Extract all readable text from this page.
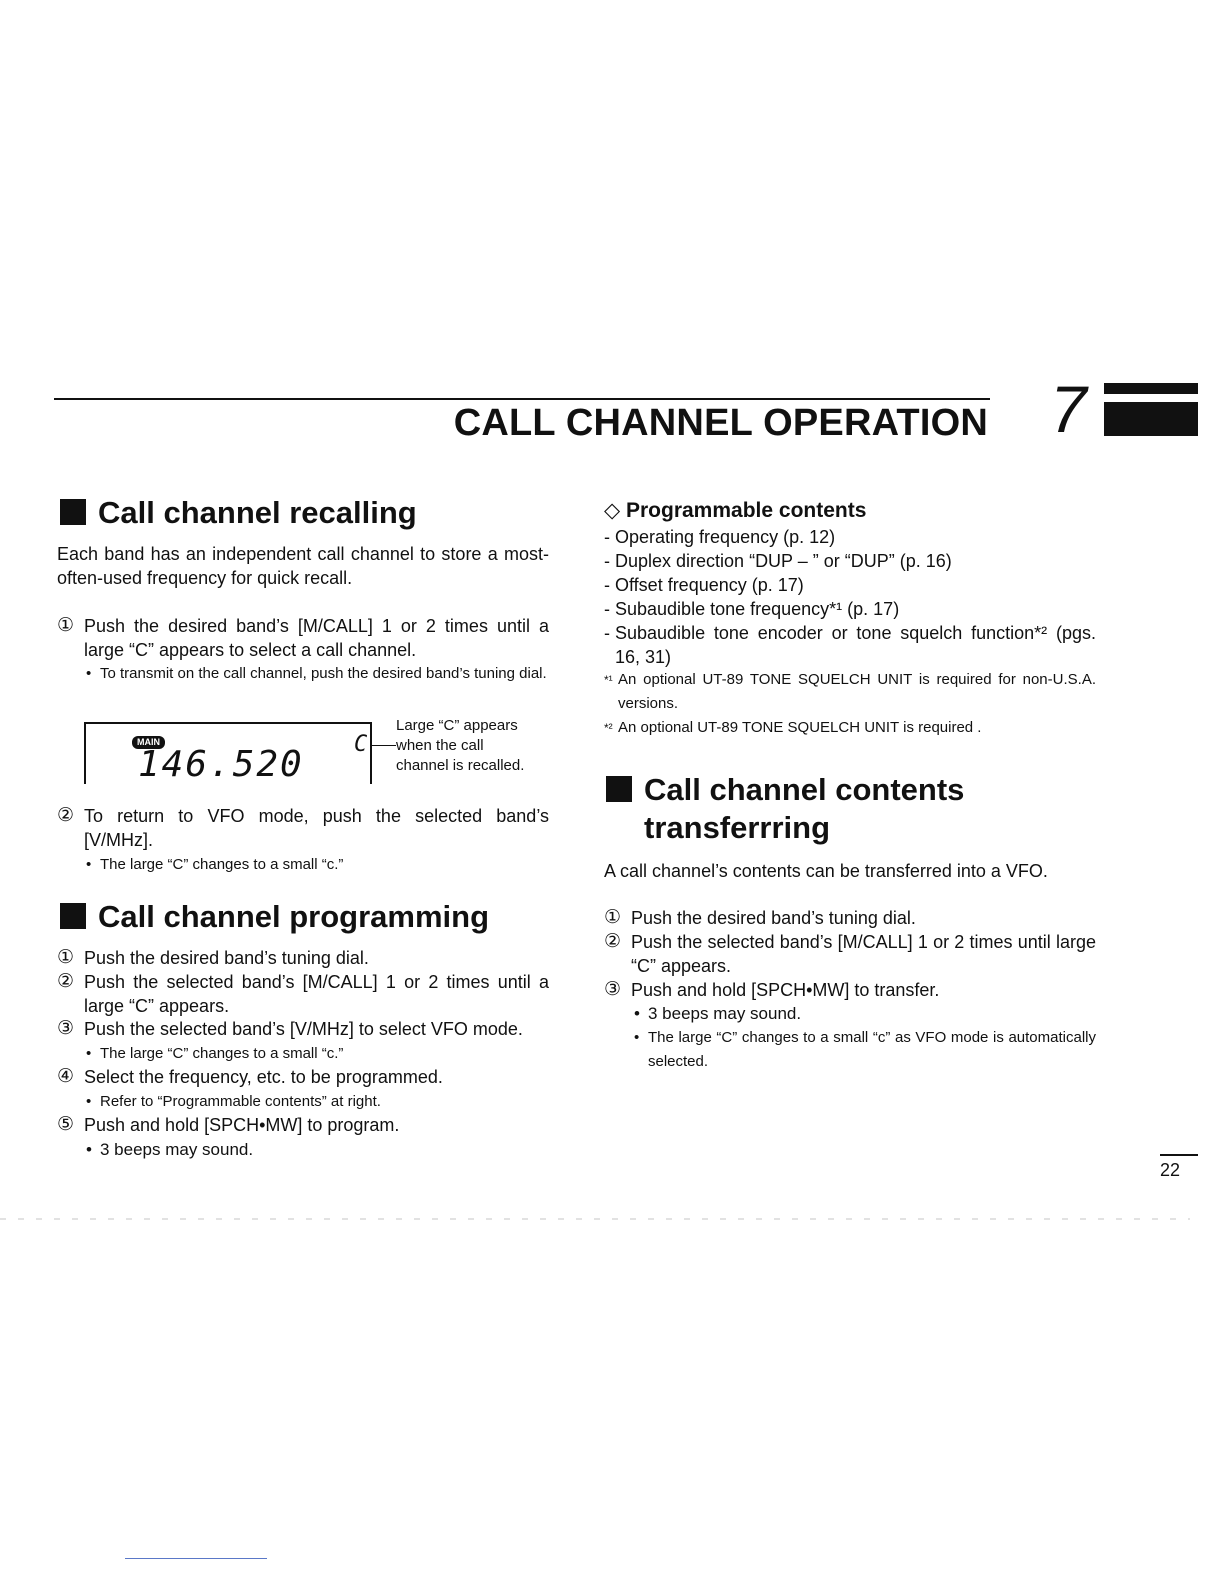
CALL CHANNEL OPERATION 7
Call channel recalling
Each band has an independent call channel to store a most-often-used frequency for quick recall.
① Push the desired band’s [M/CALL] 1 or 2 times until a large “C” appears to select a call channel.
• To transmit on the call channel, push the desired band’s tuning dial.
MAIN
146.520 C
Large “C” appears
when the call
channel is recalled.
② To return to VFO mode, push the selected band’s [V/MHz].
• The large “C” changes to a small “c.”
Call channel programming
① Push the desired band’s tuning dial.
② Push the selected band’s [M/CALL] 1 or 2 times until a large “C” appears.
③ Push the selected band’s [V/MHz] to select VFO mode.
• The large “C” changes to a small “c.”
④ Select the frequency, etc. to be programmed.
• Refer to “Programmable contents” at right.
⑤ Push and hold [SPCH•MW] to program.
• 3 beeps may sound.
◇ Programmable contents
- Operating frequency (p. 12)
- Duplex direction “DUP – ” or “DUP” (p. 16)
- Offset frequency (p. 17)
- Subaudible tone frequency*¹ (p. 17)
- Subaudible tone encoder or tone squelch function*² (pgs. 16, 31)
*¹ An optional UT-89 TONE SQUELCH UNIT is required for non-U.S.A. versions.
*² An optional UT-89 TONE SQUELCH UNIT is required .
Call channel contents
transferrring
A call channel’s contents can be transferred into a VFO.
① Push the desired band’s tuning dial.
② Push the selected band’s [M/CALL] 1 or 2 times until large “C” appears.
③ Push and hold [SPCH•MW] to transfer.
• 3 beeps may sound.
• The large “C” changes to a small “c” as VFO mode is automatically selected.
22
